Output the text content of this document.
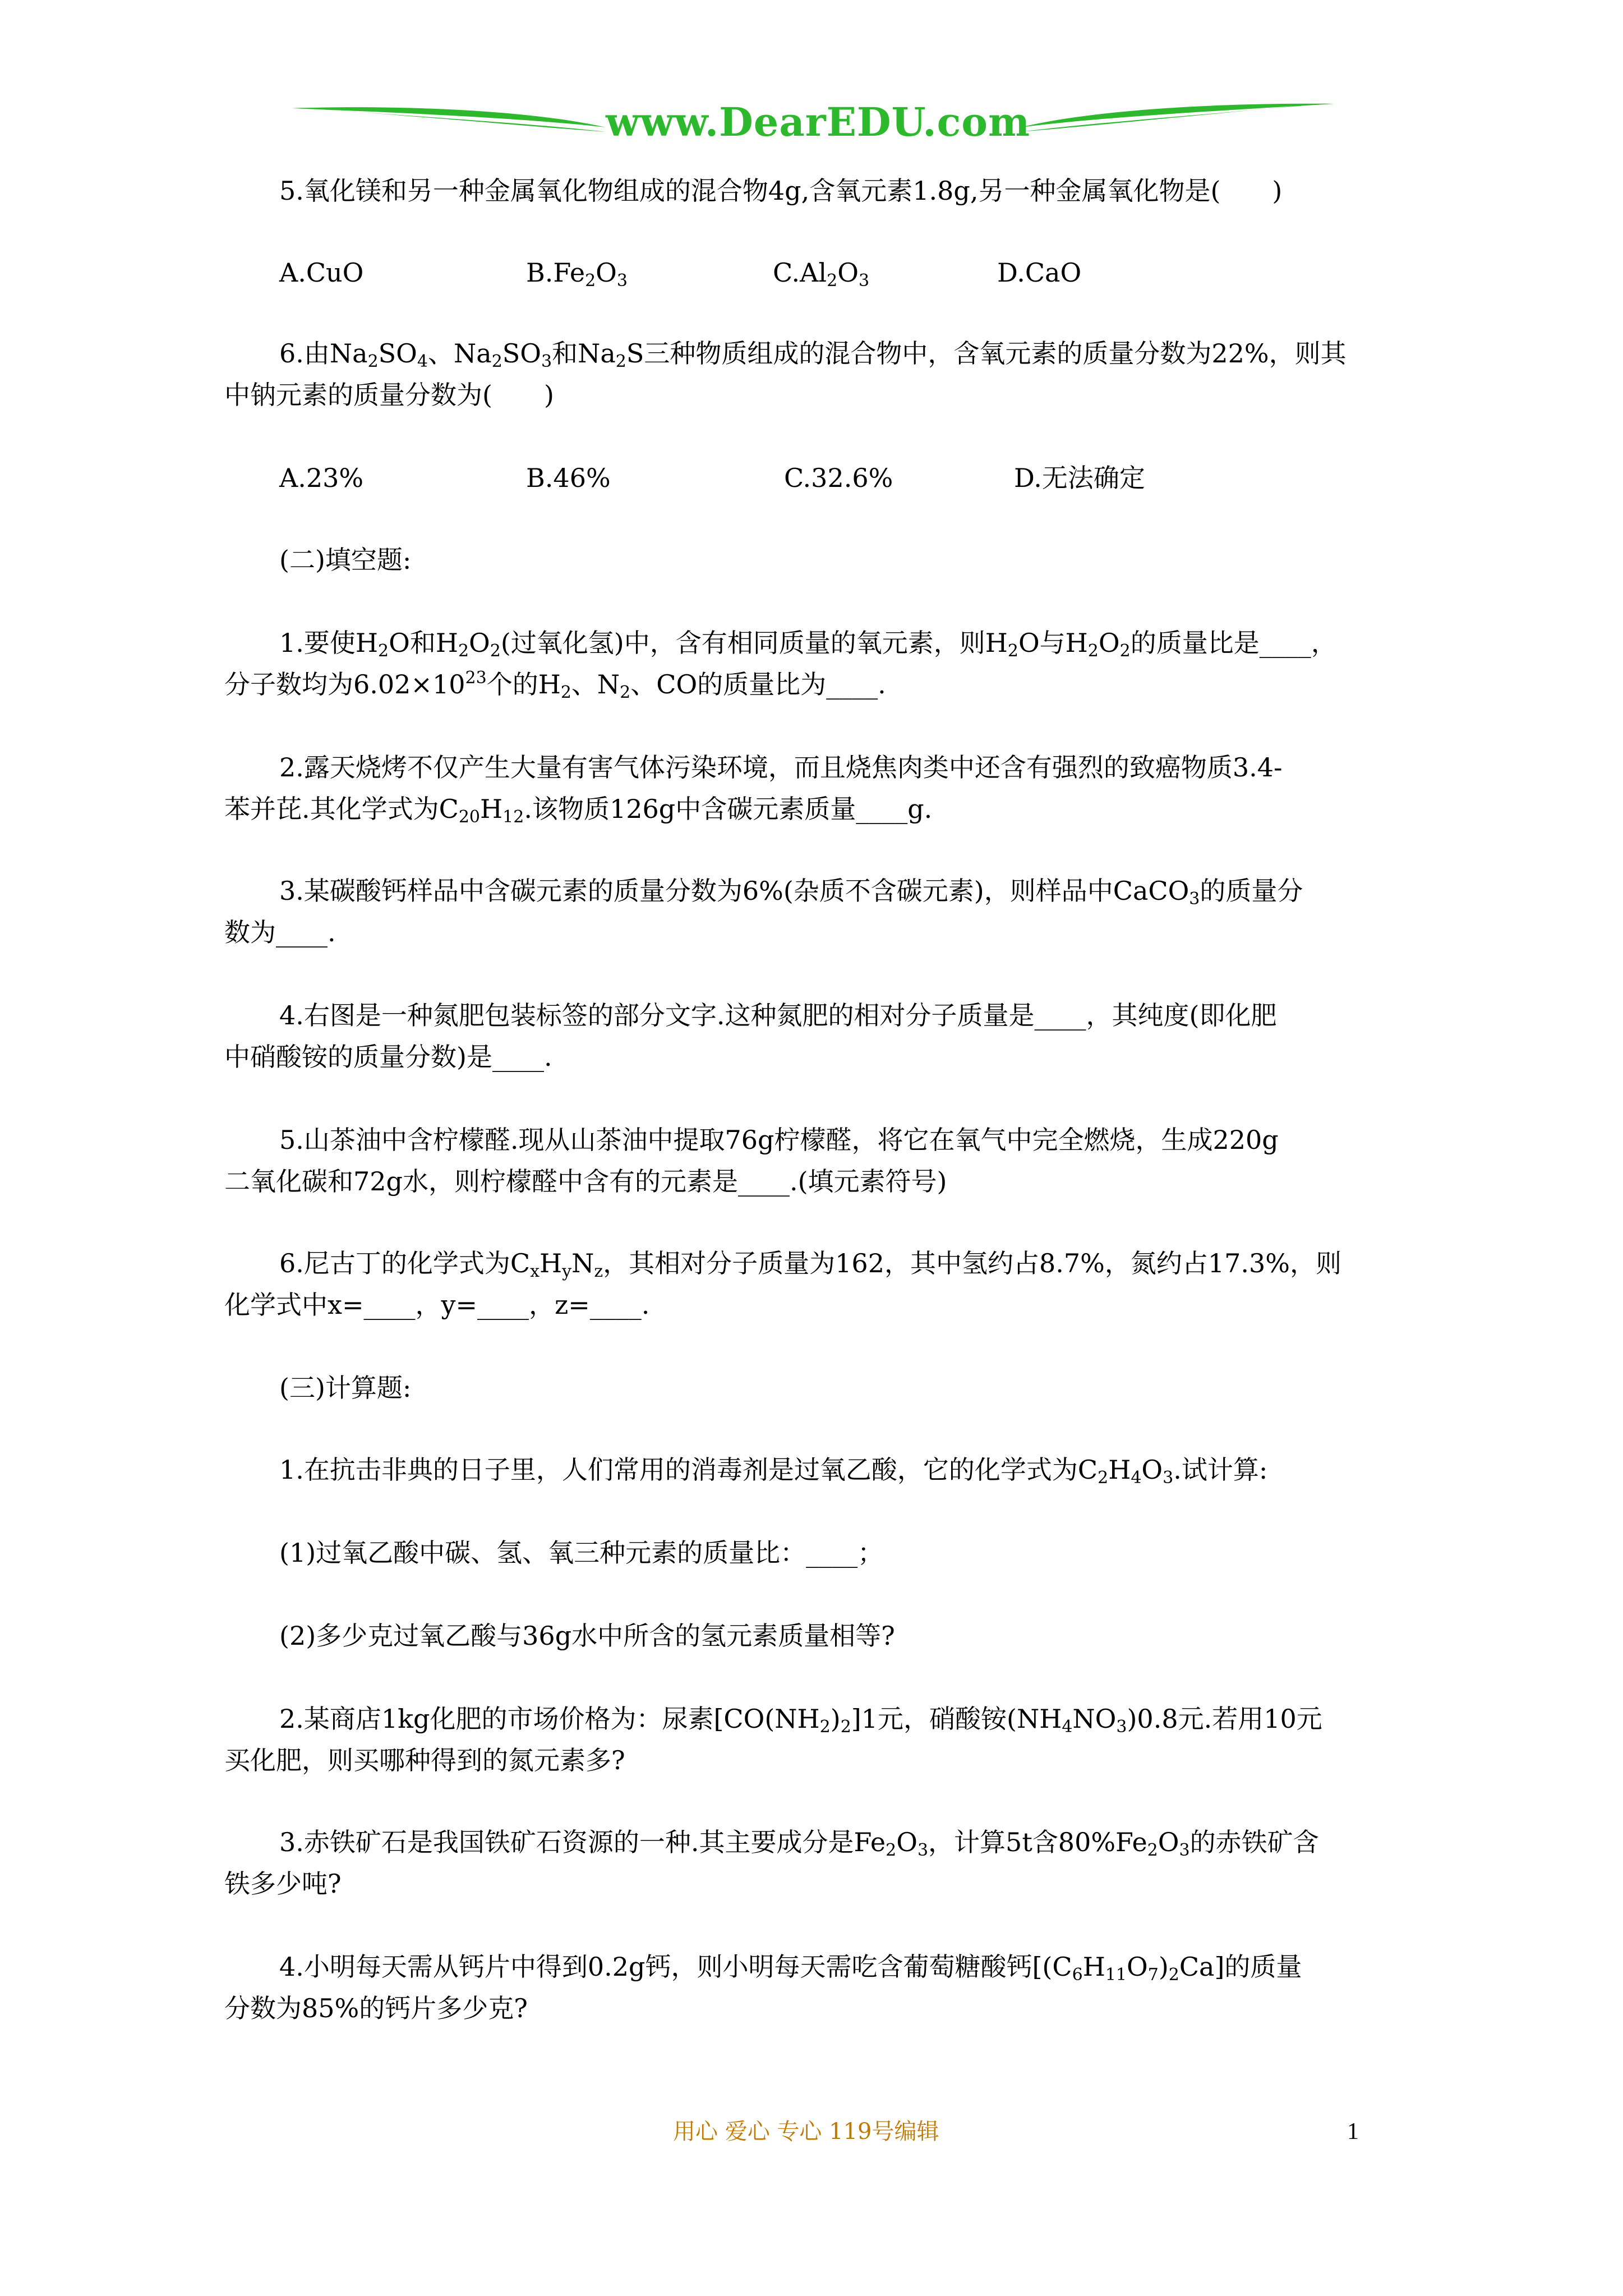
www.DearEDU.com
5.氧化镁和另一种金属氧化物组成的混合物4g,含氧元素1.8g,另一种金属氧化物是(　　)
A.CuO	$B.Fe_2O_3$	$C.Al_2O_3$	D.CaO
6.由$Na_2SO_4$、$Na_2SO_3$和$Na_2S$三种物质组成的混合物中，含氧元素的质量分数为22%，则其
中钠元素的质量分数为(　　)
A.23%	B.46%	C.32.6%	D.无法确定
(二)填空题:
1.要使$H_2O$和$H_2O_2$(过氧化氢)中，含有相同质量的氧元素，则$H_2O$与$H_2O_2$的质量比是____，
分子数均为$6.02\times 10^{23}$个的$H_2$、$N_2$、CO的质量比为____.
2.露天烧烤不仅产生大量有害气体污染环境，而且烧焦肉类中还含有强烈的致癌物质3.4-
苯并芘.其化学式为$C_{20}H_{12}$.该物质126g中含碳元素质量____g.
3.某碳酸钙样品中含碳元素的质量分数为6%(杂质不含碳元素)，则样品中CaCO$_3$的质量分
数为____.
4.右图是一种氮肥包装标签的部分文字.这种氮肥的相对分子质量是____，其纯度(即化肥
中硝酸铵的质量分数)是____.
5.山茶油中含柠檬醛.现从山茶油中提取76g柠檬醛，将它在氧气中完全燃烧，生成220g
二氧化碳和72g水，则柠檬醛中含有的元素是____.(填元素符号)
6.尼古丁的化学式为$C_xH_yN_z$，其相对分子质量为162，其中氢约占8.7%，氮约占17.3%，则
化学式中x=____，y=____，z=____.
(三)计算题:
1.在抗击非典的日子里，人们常用的消毒剂是过氧乙酸，它的化学式为$C_2H_4O_3$.试计算:
(1)过氧乙酸中碳、氢、氧三种元素的质量比：____；
(2)多少克过氧乙酸与36g水中所含的氢元素质量相等?
2.某商店1kg化肥的市场价格为：尿素$[CO(NH_2)_2]1$元，硝酸铵$(NH_4NO_3)0.8$元.若用10元
买化肥，则买哪种得到的氮元素多?
3.赤铁矿石是我国铁矿石资源的一种.其主要成分是$Fe_2O_3$，计算5t含$80\%Fe_2O_3$的赤铁矿含
铁多少吨?
4.小明每天需从钙片中得到0.2g钙，则小明每天需吃含葡萄糖酸钙$[(C_6H_{11}O_7)_2Ca]$的质量
分数为85%的钙片多少克?
用心 爱心 专心 119号编辑	1
